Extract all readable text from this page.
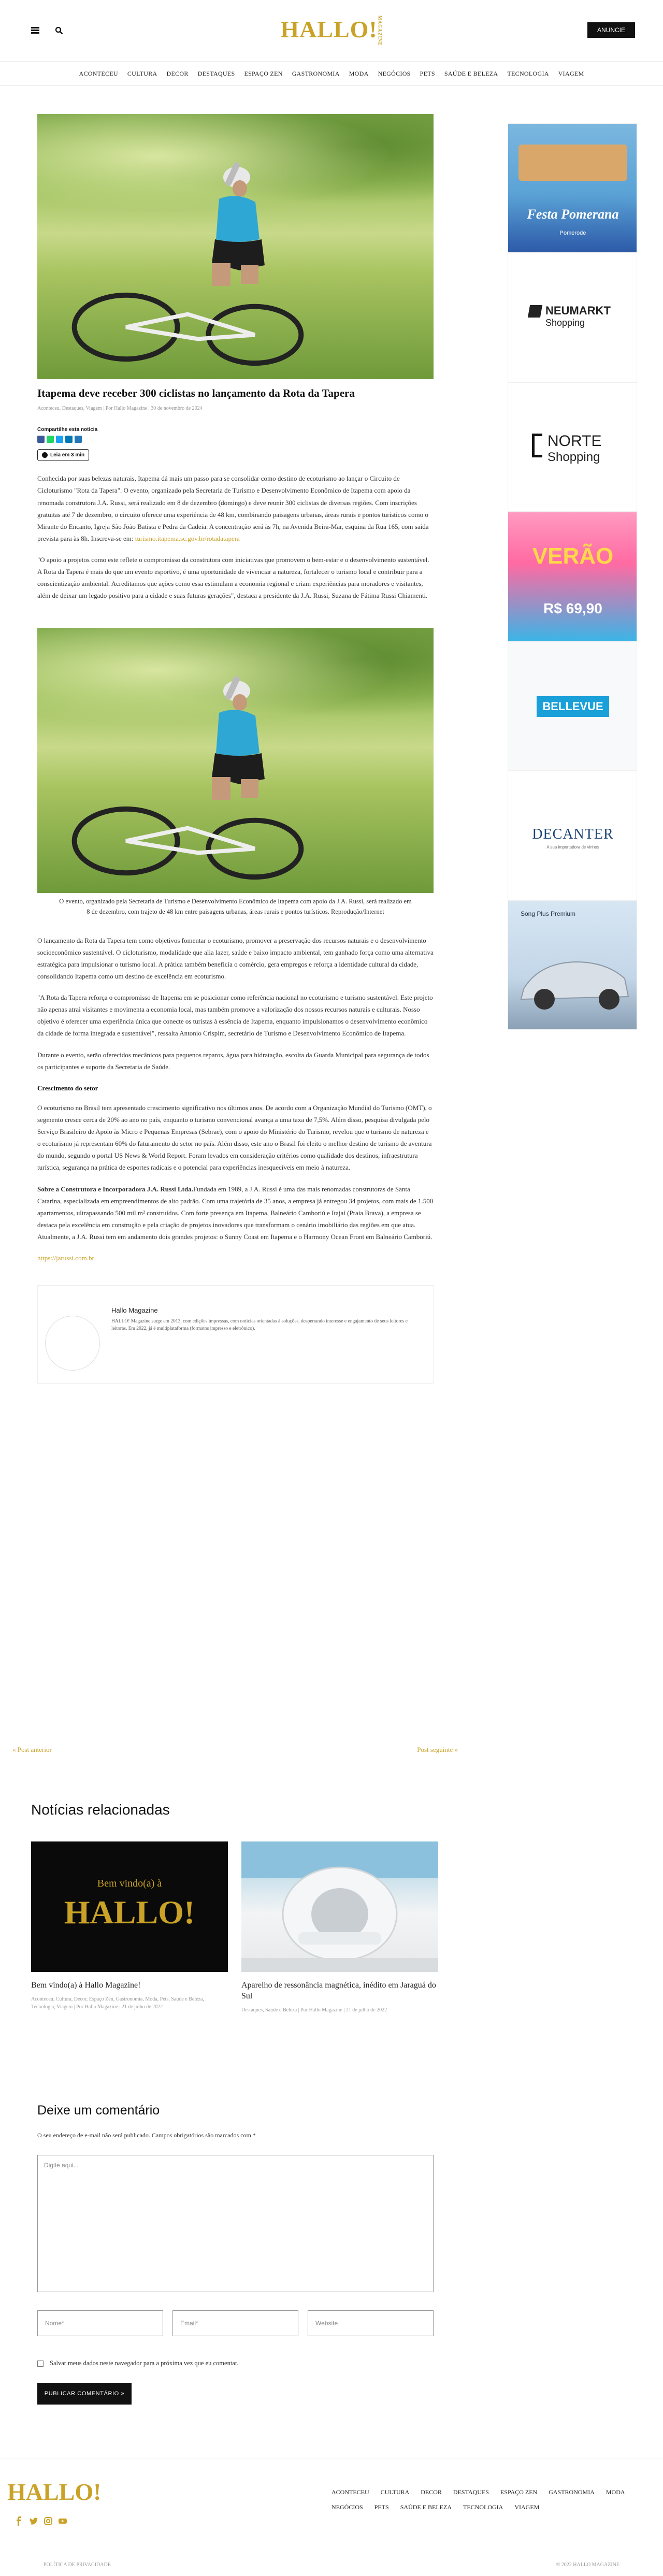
HALLO!MAGAZINE	ANUNCIE
ACONTECEU CULTURA DECOR DESTAQUES ESPAÇO ZEN GASTRONOMIA MODA NEGÓCIOS PETS SAÚDE E BELEZA TECNOLOGIA VIAGEM
Itapema deve receber 300 ciclistas no lançamento da Rota da Tapera
Aconteceu, Destaques, Viagem | Por Hallo Magazine | 30 de novembro de 2024
Compartilhe esta notícia
Leia em 3 min

Conhecida por suas belezas naturais, Itapema dá mais um passo para se consolidar como destino de ecoturismo ao lançar o Circuito de Cicloturismo "Rota da Tapera". O evento, organizado pela Secretaria de Turismo e Desenvolvimento Econômico de Itapema com apoio da renomada construtora J.A. Russi, será realizado em 8 de dezembro (domingo) e deve reunir 300 ciclistas de diversas regiões. Com inscrições gratuitas até 7 de dezembro, o circuito oferece uma experiência de 48 km, combinando paisagens urbanas, áreas rurais e pontos turísticos como o Mirante do Encanto, Igreja São João Batista e Pedra da Cadeia. A concentração será às 7h, na Avenida Beira-Mar, esquina da Rua 165, com saída prevista para às 8h. Inscreva-se em: turismo.itapema.sc.gov.br/rotadatapera

"O apoio a projetos como este reflete o compromisso da construtora com iniciativas que promovem o bem-estar e o desenvolvimento sustentável. A Rota da Tapera é mais do que um evento esportivo, é uma oportunidade de vivenciar a natureza, fortalecer o turismo local e contribuir para a conscientização ambiental. Acreditamos que ações como essa estimulam a economia regional e criam experiências para moradores e visitantes, além de deixar um legado positivo para a cidade e suas futuras gerações", destaca a presidente da J.A. Russi, Suzana de Fátima Russi Chiamenti.

O evento, organizado pela Secretaria de Turismo e Desenvolvimento Econômico de Itapema com apoio da J.A. Russi, será realizado em 8 de dezembro, com trajeto de 48 km entre paisagens urbanas, áreas rurais e pontos turísticos. Reprodução/Internet

O lançamento da Rota da Tapera tem como objetivos fomentar o ecoturismo, promover a preservação dos recursos naturais e o desenvolvimento socioeconômico sustentável. O cicloturismo, modalidade que alia lazer, saúde e baixo impacto ambiental, tem ganhado força como uma alternativa estratégica para impulsionar o turismo local. A prática também beneficia o comércio, gera empregos e reforça a identidade cultural da cidade, consolidando Itapema como um destino de excelência em ecoturismo.

"A Rota da Tapera reforça o compromisso de Itapema em se posicionar como referência nacional no ecoturismo e turismo sustentável. Este projeto não apenas atrai visitantes e movimenta a economia local, mas também promove a valorização dos nossos recursos naturais e culturais. Nosso objetivo é oferecer uma experiência única que conecte os turistas à essência de Itapema, enquanto impulsionamos o desenvolvimento econômico da cidade de forma integrada e sustentável", ressalta Antonio Crispim, secretário de Turismo e Desenvolvimento Econômico de Itapema.

Durante o evento, serão oferecidos mecânicos para pequenos reparos, água para hidratação, escolta da Guarda Municipal para segurança de todos os participantes e suporte da Secretaria de Saúde.

Crescimento do setor

O ecoturismo no Brasil tem apresentado crescimento significativo nos últimos anos. De acordo com a Organização Mundial do Turismo (OMT), o segmento cresce cerca de 20% ao ano no país, enquanto o turismo convencional avança a uma taxa de 7,5%. Além disso, pesquisa divulgada pelo Serviço Brasileiro de Apoio às Micro e Pequenas Empresas (Sebrae), com o apoio do Ministério do Turismo, revelou que o turismo de natureza e o ecoturismo já representam 60% do faturamento do setor no país. Além disso, este ano o Brasil foi eleito o melhor destino de turismo de aventura do mundo, segundo o portal US News & World Report. Foram levados em consideração critérios como qualidade dos destinos, infraestrutura turística, segurança na prática de esportes radicais e o potencial para experiências inesquecíveis em meio à natureza.

Sobre a Construtora e Incorporadora J.A. Russi Ltda.Fundada em 1989, a J.A. Russi é uma das mais renomadas construtoras de Santa Catarina, especializada em empreendimentos de alto padrão. Com uma trajetória de 35 anos, a empresa já entregou 34 projetos, com mais de 1.500 apartamentos, ultrapassando 500 mil m² construídos. Com forte presença em Itapema, Balneário Camboriú e Itajaí (Praia Brava), a empresa se destaca pela excelência em construção e pela criação de projetos inovadores que transformam o cenário imobiliário das regiões em que atua. Atualmente, a J.A. Russi tem em andamento dois grandes projetos: o Sunny Coast em Itapema e o Harmony Ocean Front em Balneário Camboriú.

https://jarussi.com.br
Hallo Magazine
HALLO! Magazine surge em 2013, com edições impressas, com notícias orientadas à soluções, despertando interesse e engajamento de seus leitores e leitoras. Em 2022, já é multiplataforma (formatos impresso e eletrônico).
« Post anterior	Post seguinte »
Notícias relacionadas
Bem vindo(a) à
HALLO!
Bem vindo(a) à Hallo Magazine!
Aconteceu, Cultura, Decor, Espaço Zen, Gastronomia, Moda, Pets, Saúde e Beleza, Tecnologia, Viagem | Por Hallo Magazine | 21 de julho de 2022
Aparelho de ressonância magnética, inédito em Jaraguá do Sul
Destaques, Saúde e Beleza | Por Hallo Magazine | 21 de julho de 2022
Deixe um comentário
O seu endereço de e-mail não será publicado. Campos obrigatórios são marcados com *
Digite aqui...
Nome*	Email*	Website
Salvar meus dados neste navegador para a próxima vez que eu comentar.
PUBLICAR COMENTÁRIO »
Festa Pomerana
Pomerode
NEUMARKT
Shopping
NORTE
Shopping
VERÃO
R$ 69,90
BELLEVUE
DECANTER
A sua importadora de vinhos
Song Plus Premium
HALLO!	ACONTECEU CULTURA DECOR DESTAQUES ESPAÇO ZEN GASTRONOMIA MODA
NEGÓCIOS PETS SAÚDE E BELEZA TECNOLOGIA VIAGEM
POLÍTICA DE PRIVACIDADE	© 2022 HALLO MAGAZINE
